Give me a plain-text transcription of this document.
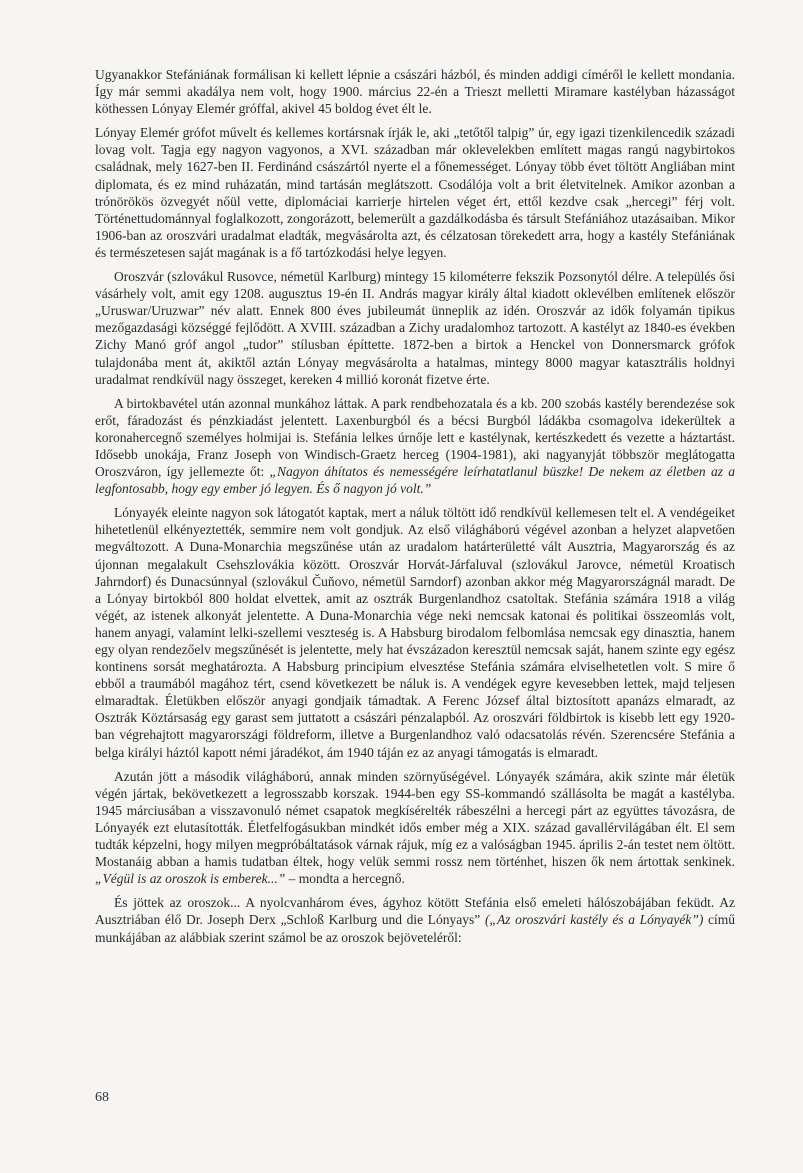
Ugyanakkor Stefániának formálisan ki kellett lépnie a császári házból, és minden addigi címéről le kellett mondania. Így már semmi akadálya nem volt, hogy 1900. március 22-én a Trieszt melletti Miramare kastélyban házasságot köthessen Lónyay Elemér gróffal, akivel 45 boldog évet élt le.

Lónyay Elemér grófot művelt és kellemes kortársnak írják le, aki „tetőtől talpig” úr, egy igazi tizenkilencedik századi lovag volt. Tagja egy nagyon vagyonos, a XVI. században már oklevelekben említett magas rangú nagybirtokos családnak, mely 1627-ben II. Ferdinánd császártól nyerte el a főnemességet. Lónyay több évet töltött Angliában mint diplomata, és ez mind ruházatán, mind tartásán meglátszott. Csodálója volt a brit életvitelnek. Amikor azonban a trónörökös özvegyét nőül vette, diplomáciai karrierje hirtelen véget ért, ettől kezdve csak „hercegi” férj volt. Történettudománnyal foglalkozott, zongorázott, belemerült a gazdálkodásba és társult Stefániához utazásaiban. Mikor 1906-ban az oroszvári uradalmat eladták, megvásárolta azt, és célzatosan törekedett arra, hogy a kastély Stefániának és természetesen saját magának is a fő tartózkodási helye legyen.

Oroszvár (szlovákul Rusovce, németül Karlburg) mintegy 15 kilométerre fekszik Pozsonytól délre. A település ősi vásárhely volt, amit egy 1208. augusztus 19-én II. András magyar király által kiadott oklevélben említenek először „Uruswar/Uruzwar” név alatt. Ennek 800 éves jubileumát ünneplik az idén. Oroszvár az idők folyamán tipikus mezőgazdasági községgé fejlődött. A XVIII. században a Zichy uradalomhoz tartozott. A kastélyt az 1840-es években Zichy Manó gróf angol „tudor” stílusban építtette. 1872-ben a birtok a Henckel von Donnersmarck grófok tulajdonába ment át, akiktől aztán Lónyay megvásárolta a hatalmas, mintegy 8000 magyar katasztrális holdnyi uradalmat rendkívül nagy összeget, kereken 4 millió koronát fizetve érte.

A birtokbavétel után azonnal munkához láttak. A park rendbehozatala és a kb. 200 szobás kastély berendezése sok erőt, fáradozást és pénzkiadást jelentett. Laxenburgból és a bécsi Burgból ládákba csomagolva idekerültek a koronahercegnő személyes holmijai is. Stefánia lelkes úrnője lett e kastélynak, kertészkedett és vezette a háztartást. Idősebb unokája, Franz Joseph von Windisch-Graetz herceg (1904-1981), aki nagyanyját többször meglátogatta Oroszváron, így jellemezte őt: „Nagyon áhítatos és nemességére leírhatatlanul büszke! De nekem az életben az a legfontosabb, hogy egy ember jó legyen. És ő nagyon jó volt.”

Lónyayék eleinte nagyon sok látogatót kaptak, mert a náluk töltött idő rendkívül kellemesen telt el. A vendégeiket hihetetlenül elkényeztették, semmire nem volt gondjuk. Az első világháború végével azonban a helyzet alapvetően megváltozott. A Duna-Monarchia megszűnése után az uradalom határterületté vált Ausztria, Magyarország és az újonnan megalakult Csehszlovákia között. Oroszvár Horvát-Járfaluval (szlovákul Jarovce, németül Kroatisch Jahrndorf) és Dunacsúnnyal (szlovákul Čuňovo, németül Sarndorf) azonban akkor még Magyarországnál maradt. De a Lónyay birtokból 800 holdat elvettek, amit az osztrák Burgenlandhoz csatoltak. Stefánia számára 1918 a világ végét, az istenek alkonyát jelentette. A Duna-Monarchia vége neki nemcsak katonai és politikai összeomlás volt, hanem anyagi, valamint lelki-szellemi veszteség is. A Habsburg birodalom felbomlása nemcsak egy dinasztia, hanem egy olyan rendezőelv megszűnését is jelentette, mely hat évszázadon keresztül nemcsak saját, hanem szinte egy egész kontinens sorsát meghatározta. A Habsburg principium elvesztése Stefánia számára elviselhetetlen volt. S mire ő ebből a traumából magához tért, csend következett be náluk is. A vendégek egyre kevesebben lettek, majd teljesen elmaradtak. Életükben először anyagi gondjaik támadtak. A Ferenc József által biztosított apanázs elmaradt, az Osztrák Köztársaság egy garast sem juttatott a császári pénzalapból. Az oroszvári földbirtok is kisebb lett egy 1920-ban végrehajtott magyarországi földreform, illetve a Burgenlandhoz való odacsatolás révén. Szerencsére Stefánia a belga királyi háztól kapott némi járadékot, ám 1940 táján ez az anyagi támogatás is elmaradt.

Azután jött a második világháború, annak minden szörnyűségével. Lónyayék számára, akik szinte már életük végén jártak, bekövetkezett a legrosszabb korszak. 1944-ben egy SS-kommandó szállásolta be magát a kastélyba. 1945 márciusában a visszavonuló német csapatok megkísérelték rábeszélni a hercegi párt az együttes távozásra, de Lónyayék ezt elutasították. Életfelfogásukban mindkét idős ember még a XIX. század gavallérvilágában élt. El sem tudták képzelni, hogy milyen megpróbáltatások várnak rájuk, míg ez a valóságban 1945. április 2-án testet nem öltött. Mostanáig abban a hamis tudatban éltek, hogy velük semmi rossz nem történhet, hiszen ők nem ártottak senkinek. „Végül is az oroszok is emberek...” – mondta a hercegnő.

És jöttek az oroszok... A nyolcvanhárom éves, ágyhoz kötött Stefánia első emeleti hálószobájában feküdt. Az Ausztriában élő Dr. Joseph Derx „Schloß Karlburg und die Lónyays” („Az oroszvári kastély és a Lónyayék”) című munkájában az alábbiak szerint számol be az oroszok bejöveteléről:

68
